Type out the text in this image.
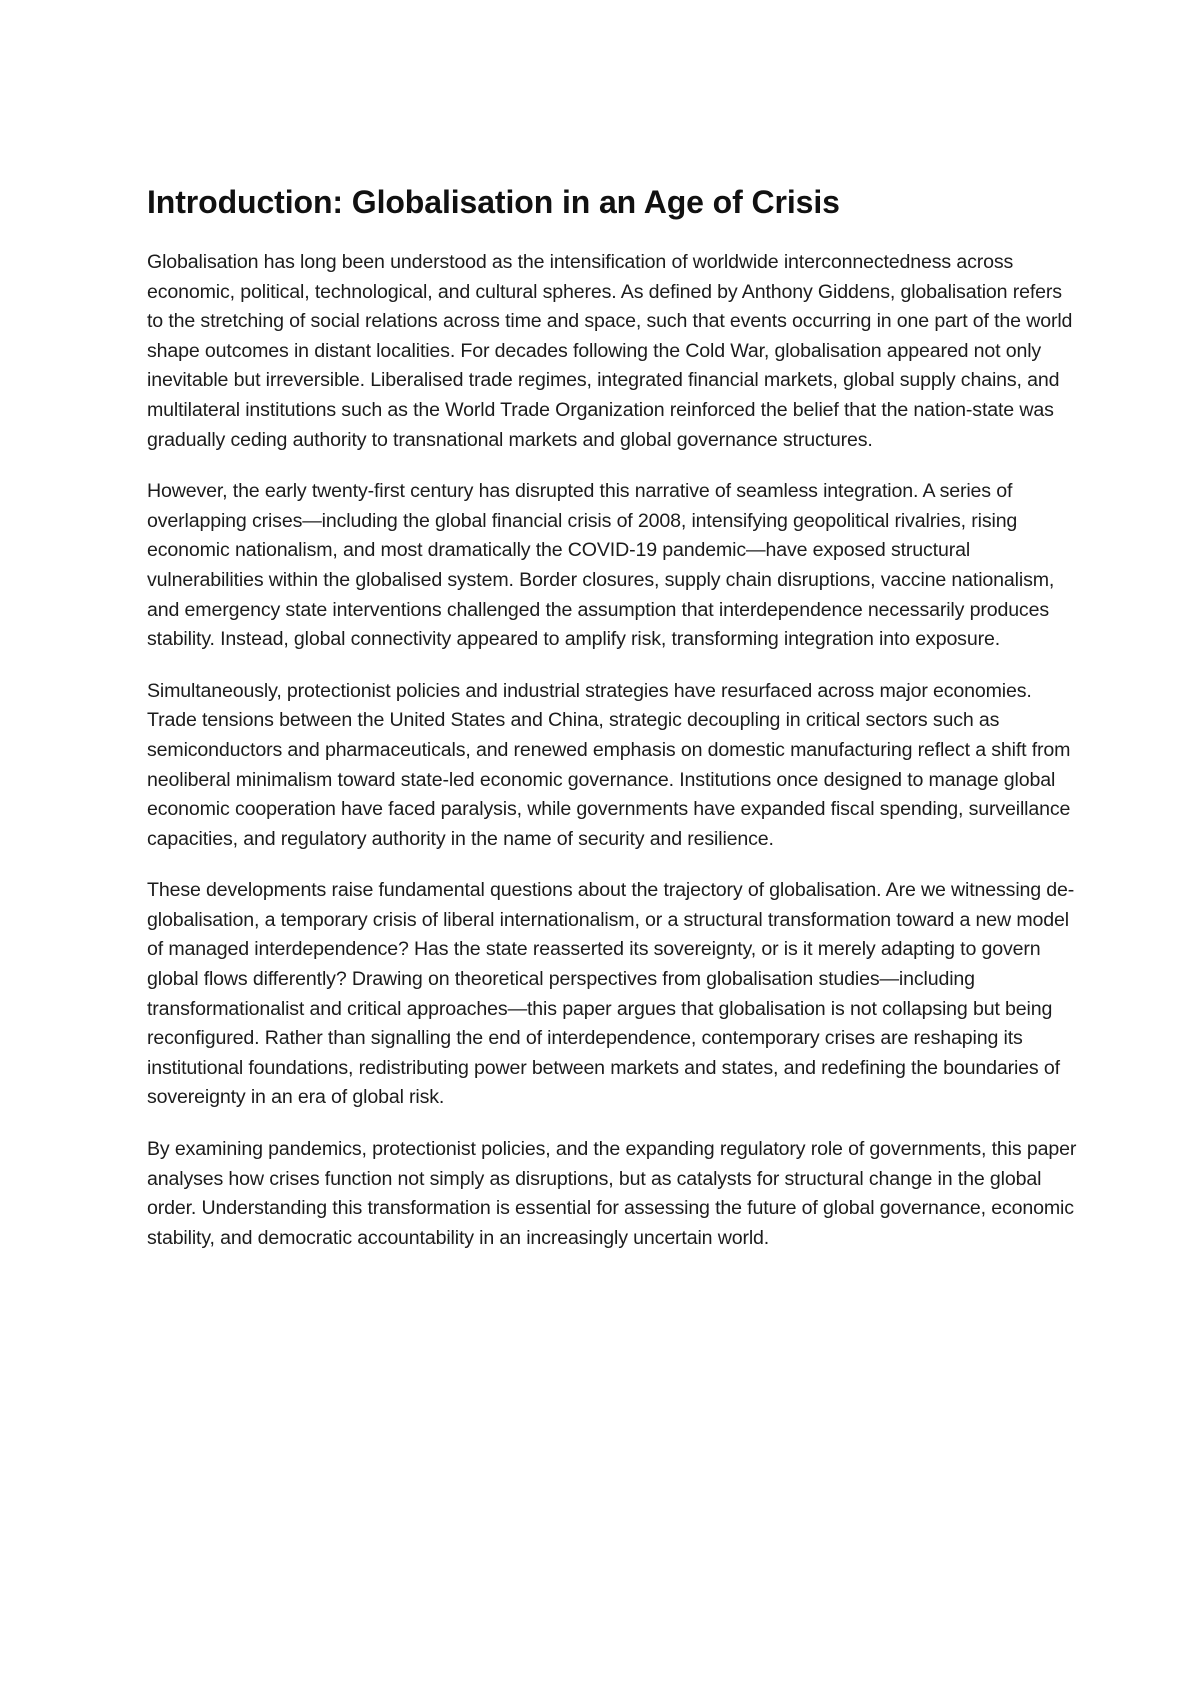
Introduction: Globalisation in an Age of Crisis

Globalisation has long been understood as the intensification of worldwide interconnectedness across economic, political, technological, and cultural spheres. As defined by Anthony Giddens, globalisation refers to the stretching of social relations across time and space, such that events occurring in one part of the world shape outcomes in distant localities. For decades following the Cold War, globalisation appeared not only inevitable but irreversible. Liberalised trade regimes, integrated financial markets, global supply chains, and multilateral institutions such as the World Trade Organization reinforced the belief that the nation-state was gradually ceding authority to transnational markets and global governance structures.

However, the early twenty-first century has disrupted this narrative of seamless integration. A series of overlapping crises—including the global financial crisis of 2008, intensifying geopolitical rivalries, rising economic nationalism, and most dramatically the COVID-19 pandemic—have exposed structural vulnerabilities within the globalised system. Border closures, supply chain disruptions, vaccine nationalism, and emergency state interventions challenged the assumption that interdependence necessarily produces stability. Instead, global connectivity appeared to amplify risk, transforming integration into exposure.

Simultaneously, protectionist policies and industrial strategies have resurfaced across major economies. Trade tensions between the United States and China, strategic decoupling in critical sectors such as semiconductors and pharmaceuticals, and renewed emphasis on domestic manufacturing reflect a shift from neoliberal minimalism toward state-led economic governance. Institutions once designed to manage global economic cooperation have faced paralysis, while governments have expanded fiscal spending, surveillance capacities, and regulatory authority in the name of security and resilience.

These developments raise fundamental questions about the trajectory of globalisation. Are we witnessing de-globalisation, a temporary crisis of liberal internationalism, or a structural transformation toward a new model of managed interdependence? Has the state reasserted its sovereignty, or is it merely adapting to govern global flows differently? Drawing on theoretical perspectives from globalisation studies—including transformationalist and critical approaches—this paper argues that globalisation is not collapsing but being reconfigured. Rather than signalling the end of interdependence, contemporary crises are reshaping its institutional foundations, redistributing power between markets and states, and redefining the boundaries of sovereignty in an era of global risk.

By examining pandemics, protectionist policies, and the expanding regulatory role of governments, this paper analyses how crises function not simply as disruptions, but as catalysts for structural change in the global order. Understanding this transformation is essential for assessing the future of global governance, economic stability, and democratic accountability in an increasingly uncertain world.
